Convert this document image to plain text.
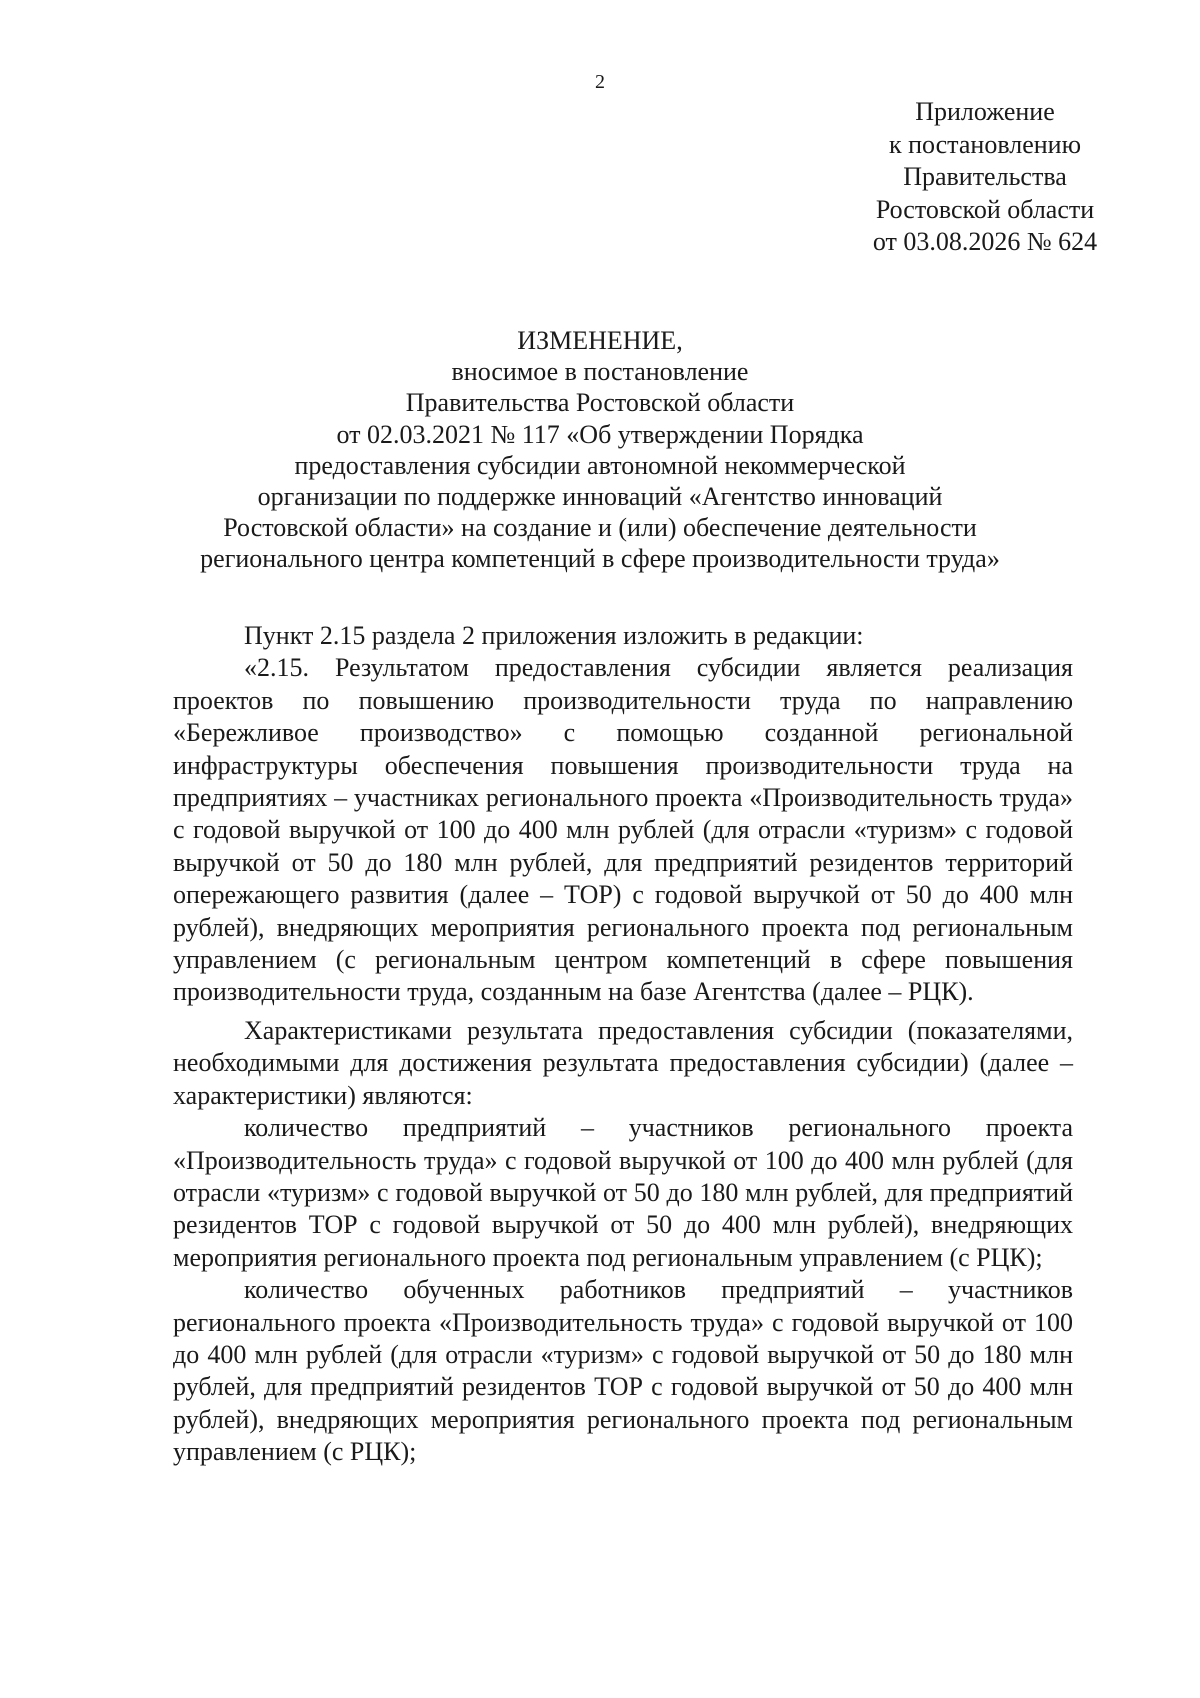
2
Приложение
к постановлению
Правительства
Ростовской области
от 03.08.2026 № 624
ИЗМЕНЕНИЕ,
вносимое в постановление
Правительства Ростовской области
от 02.03.2021 № 117 «Об утверждении Порядка
предоставления субсидии автономной некоммерческой
организации по поддержке инноваций «Агентство инноваций
Ростовской области» на создание и (или) обеспечение деятельности
регионального центра компетенций в сфере производительности труда»

Пункт 2.15 раздела 2 приложения изложить в редакции:

«2.15. Результатом предоставления субсидии является реализация проектов по повышению производительности труда по направлению «Бережливое производство» с помощью созданной региональной инфраструктуры обеспечения повышения производительности труда на предприятиях – участниках регионального проекта «Производительность труда» с годовой выручкой от 100 до 400 млн рублей (для отрасли «туризм» с годовой выручкой от 50 до 180 млн рублей, для предприятий резидентов территорий опережающего развития (далее – ТОР) с годовой выручкой от 50 до 400 млн рублей), внедряющих мероприятия регионального проекта под региональным управлением (с региональным центром компетенций в сфере повышения производительности труда, созданным на базе Агентства (далее – РЦК).

Характеристиками результата предоставления субсидии (показателями, необходимыми для достижения результата предоставления субсидии) (далее – характеристики) являются:

количество предприятий – участников регионального проекта «Производительность труда» с годовой выручкой от 100 до 400 млн рублей (для отрасли «туризм» с годовой выручкой от 50 до 180 млн рублей, для предприятий резидентов ТОР с годовой выручкой от 50 до 400 млн рублей), внедряющих мероприятия регионального проекта под региональным управлением (с РЦК);

количество обученных работников предприятий – участников регионального проекта «Производительность труда» с годовой выручкой от 100 до 400 млн рублей (для отрасли «туризм» с годовой выручкой от 50 до 180 млн рублей, для предприятий резидентов ТОР с годовой выручкой от 50 до 400 млн рублей), внедряющих мероприятия регионального проекта под региональным управлением (с РЦК);
